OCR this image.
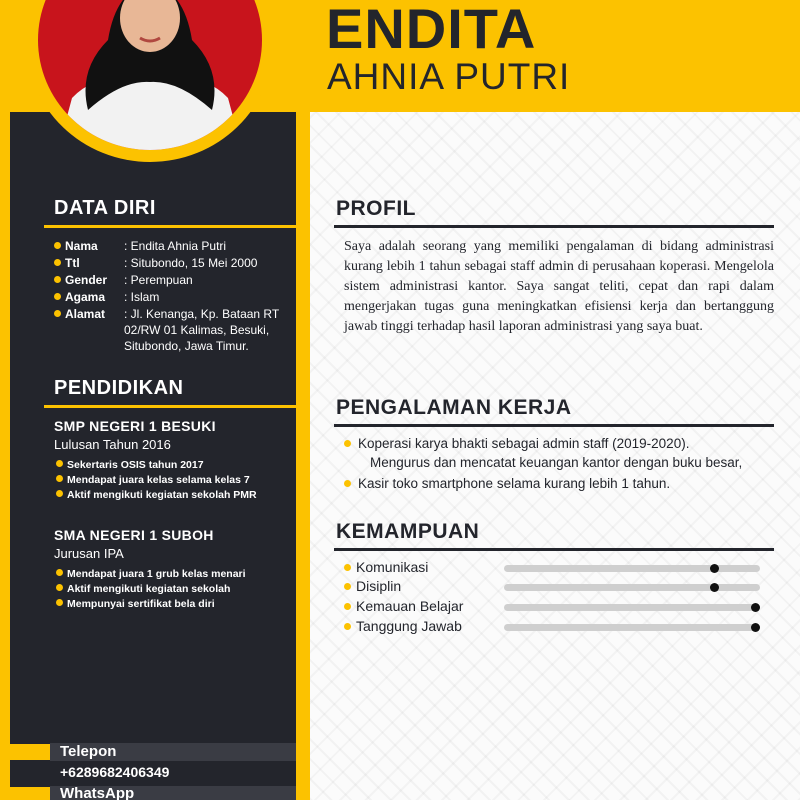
ENDITA
AHNIA PUTRI
DATA DIRI
Nama : Endita Ahnia Putri
Ttl	: Situbondo, 15 Mei 2000
Gender : Perempuan
Agama : Islam
Alamat : Jl. Kenanga, Kp. Bataan RT 02/RW 01 Kalimas, Besuki, Situbondo, Jawa Timur.
PENDIDIKAN
SMP NEGERI 1 BESUKI
Lulusan Tahun 2016
Sekertaris OSIS tahun 2017
Mendapat juara kelas selama kelas 7
Aktif mengikuti kegiatan sekolah PMR
SMA NEGERI 1 SUBOH
Jurusan IPA
Mendapat juara 1 grub kelas menari
Aktif mengikuti kegiatan sekolah
Mempunyai sertifikat bela diri
Telepon
+6289682406349
WhatsApp
PROFIL
Saya adalah seorang yang memiliki pengalaman di bidang administrasi kurang lebih 1 tahun sebagai staff admin di perusahaan koperasi. Mengelola sistem administrasi kantor. Saya sangat teliti, cepat dan rapi dalam mengerjakan tugas guna meningkatkan efisiensi kerja dan bertanggung jawab tinggi terhadap hasil laporan administrasi yang saya buat.
PENGALAMAN KERJA
Koperasi karya bhakti sebagai admin staff (2019-2020).
Mengurus dan mencatat keuangan kantor dengan buku besar,
Kasir toko smartphone selama kurang lebih 1 tahun.
KEMAMPUAN
Komunikasi
Disiplin
Kemauan Belajar
Tanggung Jawab
